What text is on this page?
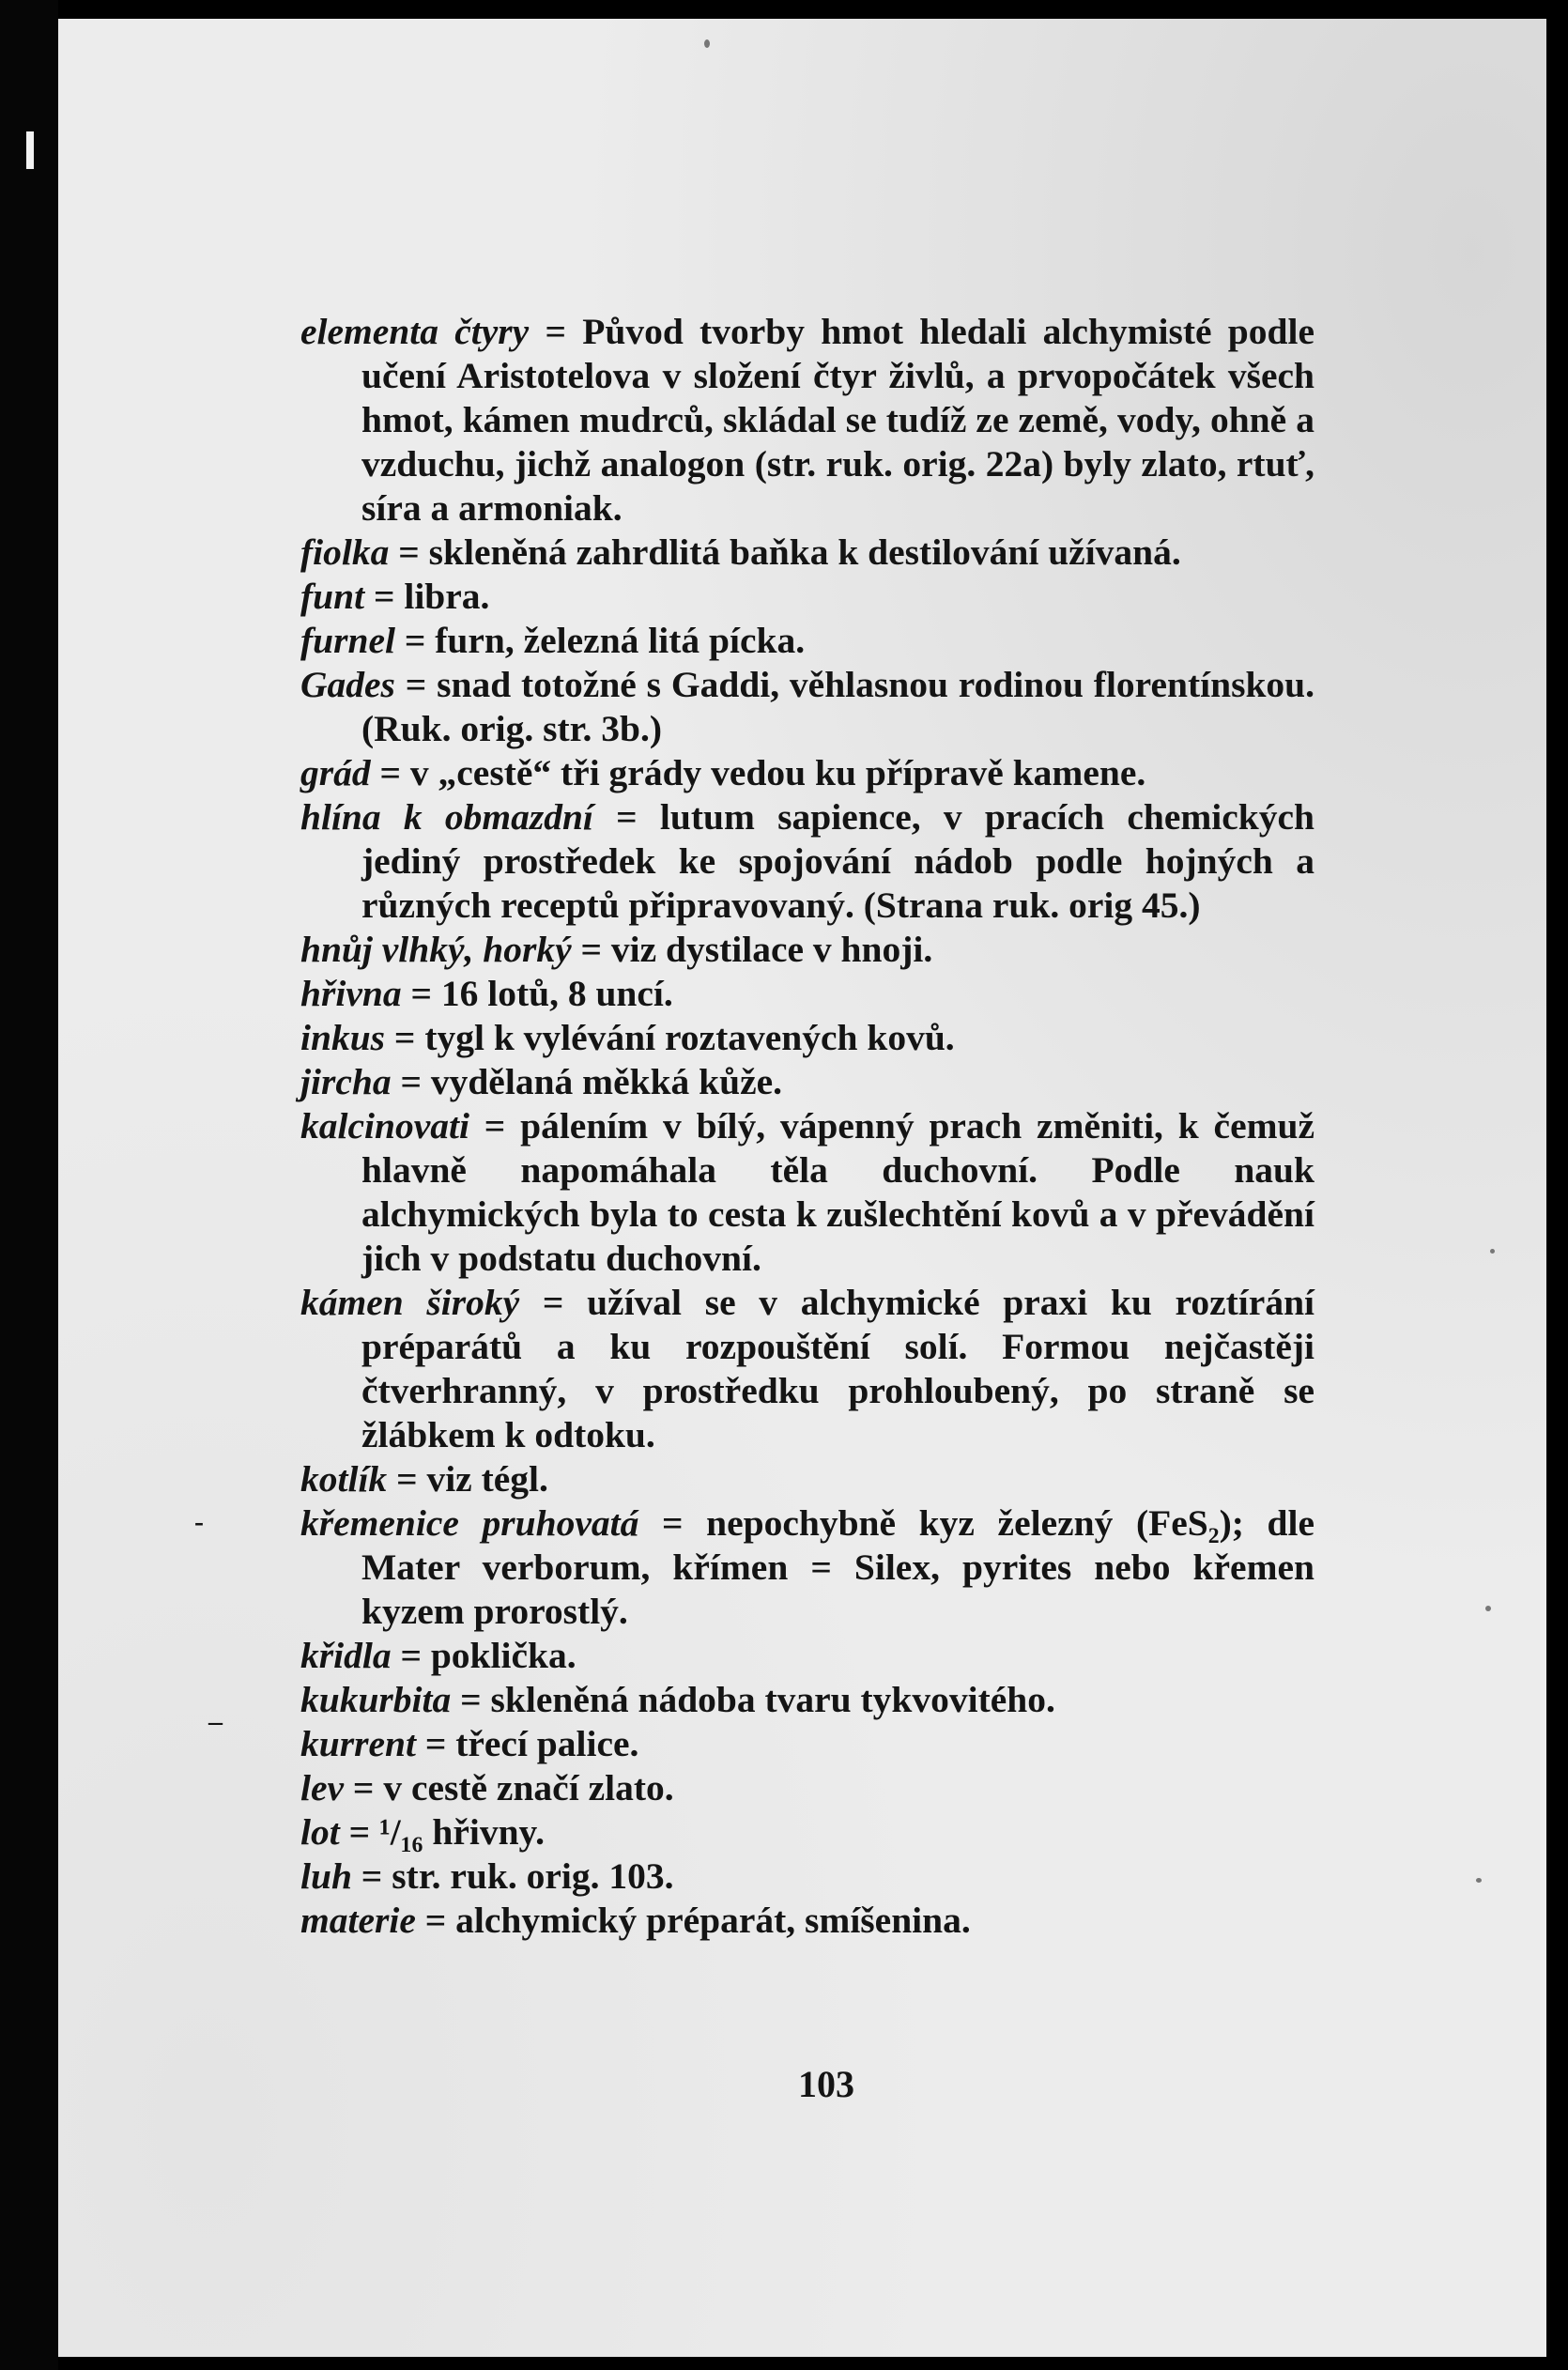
elementa čtyry = Původ tvorby hmot hledali alchymisté podle učení Aristotelova v složení čtyr živlů, a prvopočátek všech hmot, kámen mudrců, skládal se tudíž ze země, vody, ohně a vzduchu, jichž analogon (str. ruk. orig. 22a) byly zlato, rtuť, síra a armoniak.

fiolka = skleněná zahrdlitá baňka k destilování užívaná.

funt = libra.

furnel = furn, železná litá pícka.

Gades = snad totožné s Gaddi, věhlasnou rodinou florentínskou. (Ruk. orig. str. 3b.)

grád = v „cestě“ tři grády vedou ku přípravě kamene.

hlína k obmazdní = lutum sapience, v pracích chemických jediný prostředek ke spojování nádob podle hojných a různých receptů připravovaný. (Strana ruk. orig 45.)

hnůj vlhký, horký = viz dystilace v hnoji.

hřivna = 16 lotů, 8 uncí.

inkus = tygl k vylévání roztavených kovů.

jircha = vydělaná měkká kůže.

kalcinovati = pálením v bílý, vápenný prach změniti, k čemuž hlavně napomáhala těla duchovní. Podle nauk alchymických byla to cesta k zušlechtění kovů a v převádění jich v podstatu duchovní.

kámen široký = užíval se v alchymické praxi ku roztírání préparátů a ku rozpouštění solí. Formou nejčastěji čtverhranný, v prostředku prohloubený, po straně se žlábkem k odtoku.

kotlík = viz tégl.

křemenice pruhovatá = nepochybně kyz železný (FeS₂); dle Mater verborum, křímen = Silex, pyrites nebo křemen kyzem prorostlý.

křidla = poklička.

kukurbita = skleněná nádoba tvaru tykvovitého.

kurrent = třecí palice.

lev = v cestě značí zlato.

lot = ¹/₁₆ hřivny.

luh = str. ruk. orig. 103.

materie = alchymický préparát, smíšenina.

-
–
103
